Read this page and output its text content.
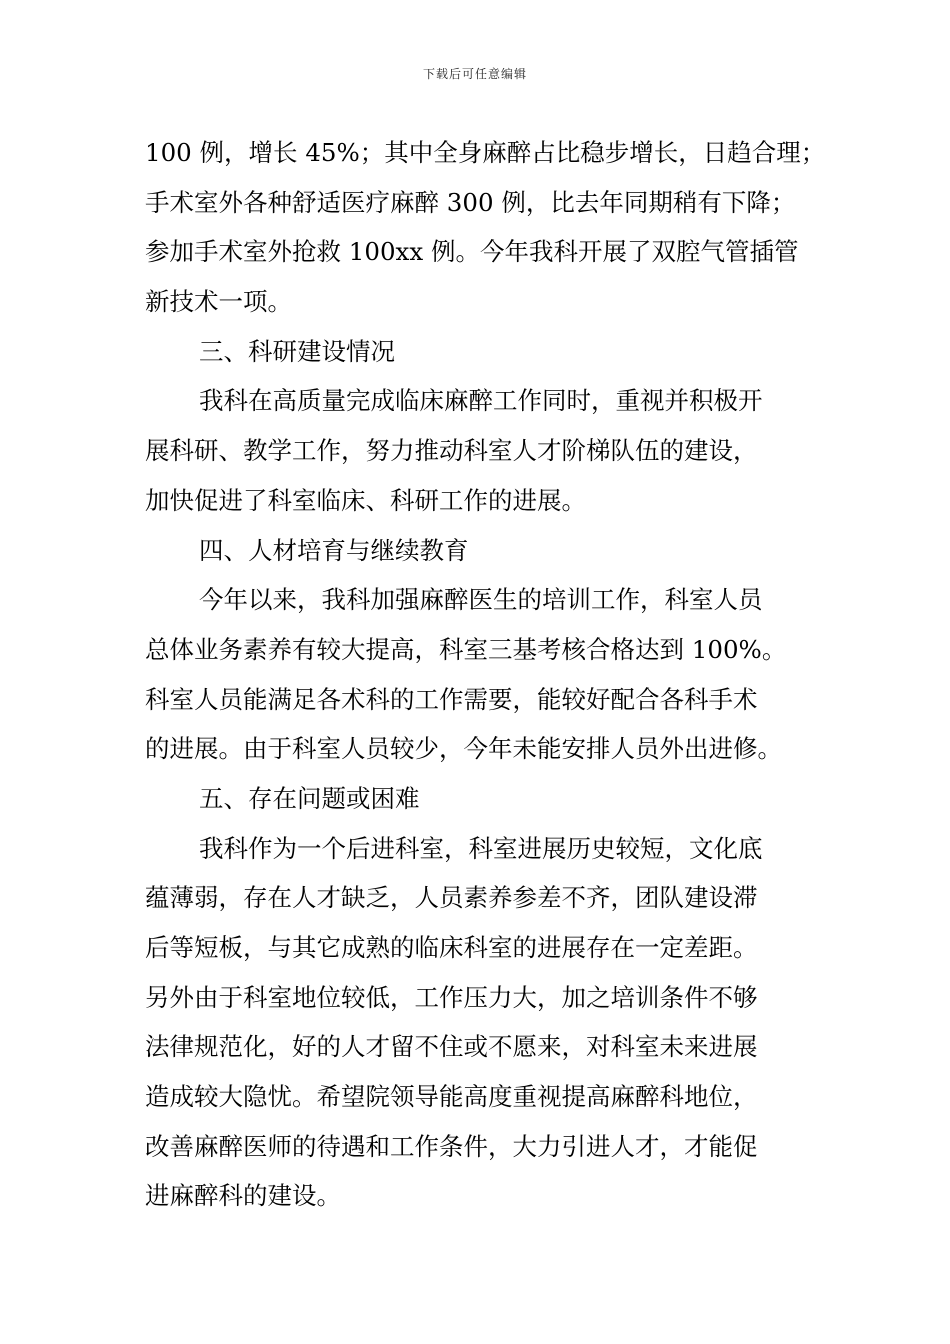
下载后可任意编辑
100 例，增长 45%；其中全身麻醉占比稳步增长，日趋合理；
手术室外各种舒适医疗麻醉 300 例，比去年同期稍有下降；
参加手术室外抢救 100xx 例。今年我科开展了双腔气管插管
新技术一项。
三、科研建设情况
我科在高质量完成临床麻醉工作同时，重视并积极开
展科研、教学工作，努力推动科室人才阶梯队伍的建设，
加快促进了科室临床、科研工作的进展。
四、人材培育与继续教育
今年以来，我科加强麻醉医生的培训工作，科室人员
总体业务素养有较大提高，科室三基考核合格达到 100%。
科室人员能满足各术科的工作需要，能较好配合各科手术
的进展。由于科室人员较少，今年未能安排人员外出进修。
五、存在问题或困难
我科作为一个后进科室，科室进展历史较短，文化底
蕴薄弱，存在人才缺乏，人员素养参差不齐，团队建设滞
后等短板，与其它成熟的临床科室的进展存在一定差距。
另外由于科室地位较低，工作压力大，加之培训条件不够
法律规范化，好的人才留不住或不愿来，对科室未来进展
造成较大隐忧。希望院领导能高度重视提高麻醉科地位，
改善麻醉医师的待遇和工作条件，大力引进人才，才能促
进麻醉科的建设。
